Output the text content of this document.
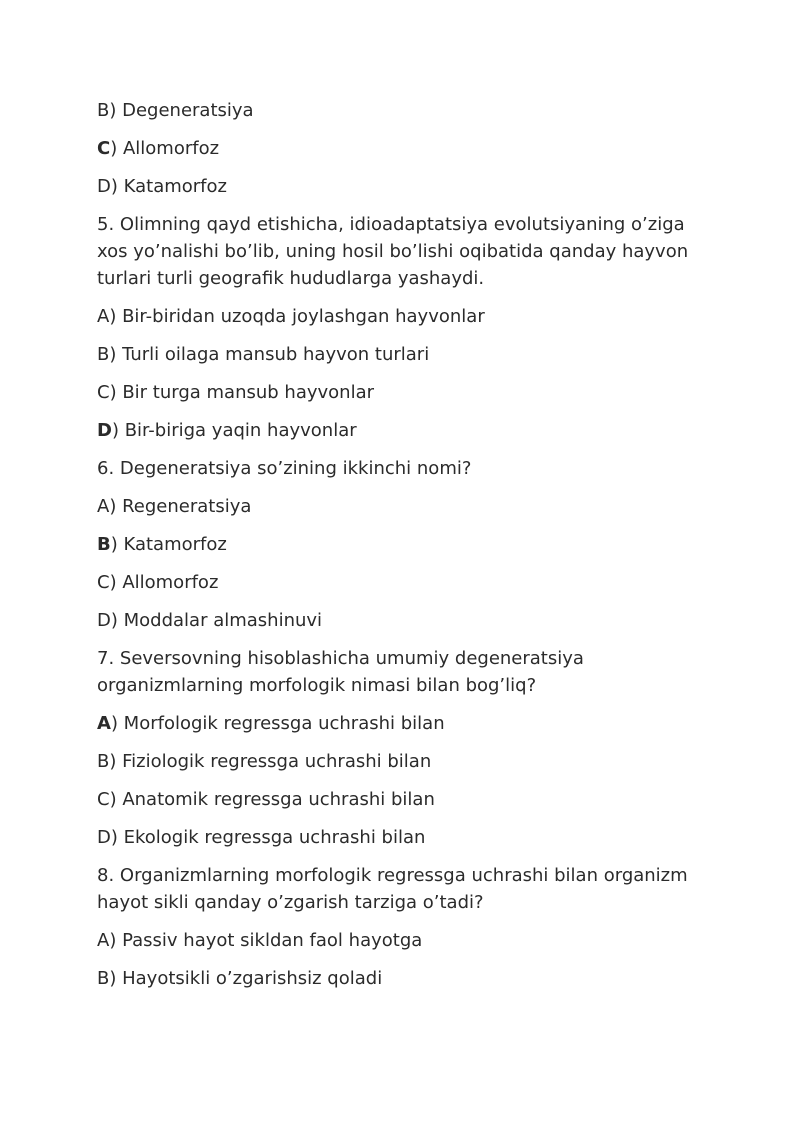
B) Degeneratsiya
C) Allomorfoz
D) Katamorfoz
5. Olimning qayd etishicha, idioadaptatsiya evolutsiyaning o’ziga xos yo’nalishi bo’lib, uning hosil bo’lishi oqibatida qanday hayvon turlari turli geografik hududlarga yashaydi.
A) Bir-biridan uzoqda joylashgan hayvonlar
B) Turli oilaga mansub hayvon turlari
C) Bir turga mansub hayvonlar
D) Bir-biriga yaqin hayvonlar
6. Degeneratsiya so’zining ikkinchi nomi?
A) Regeneratsiya
B) Katamorfoz
C) Allomorfoz
D) Moddalar almashinuvi
7. Seversovning hisoblashicha umumiy degeneratsiya organizmlarning morfologik nimasi bilan bog’liq?
A) Morfologik regressga uchrashi bilan
B) Fiziologik regressga uchrashi bilan
C) Anatomik regressga uchrashi bilan
D) Ekologik regressga uchrashi bilan
8. Organizmlarning morfologik regressga uchrashi bilan organizm hayot sikli qanday o’zgarish tarziga o’tadi?
A) Passiv hayot sikldan faol hayotga
B) Hayotsikli o’zgarishsiz qoladi
